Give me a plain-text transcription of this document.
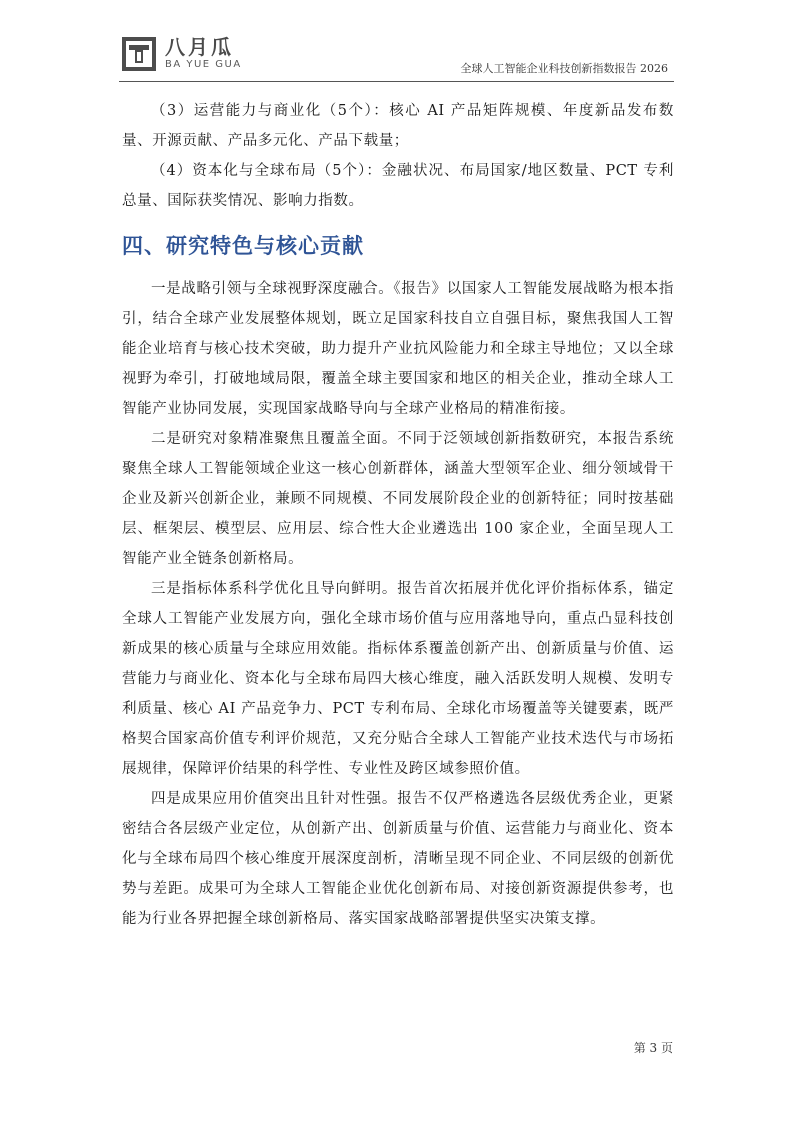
八月瓜
BA YUE GUA	全球人工智能企业科技创新指数报告 2026

（3）运营能力与商业化（5个）：核心 AI 产品矩阵规模、年度新品发布数量、开源贡献、产品多元化、产品下载量；

（4）资本化与全球布局（5个）：金融状况、布局国家/地区数量、PCT 专利总量、国际获奖情况、影响力指数。

四、研究特色与核心贡献

一是战略引领与全球视野深度融合。《报告》以国家人工智能发展战略为根本指引，结合全球产业发展整体规划，既立足国家科技自立自强目标，聚焦我国人工智能企业培育与核心技术突破，助力提升产业抗风险能力和全球主导地位；又以全球视野为牵引，打破地域局限，覆盖全球主要国家和地区的相关企业，推动全球人工智能产业协同发展，实现国家战略导向与全球产业格局的精准衔接。

二是研究对象精准聚焦且覆盖全面。不同于泛领域创新指数研究，本报告系统聚焦全球人工智能领域企业这一核心创新群体，涵盖大型领军企业、细分领域骨干企业及新兴创新企业，兼顾不同规模、不同发展阶段企业的创新特征；同时按基础层、框架层、模型层、应用层、综合性大企业遴选出 100 家企业，全面呈现人工智能产业全链条创新格局。

三是指标体系科学优化且导向鲜明。报告首次拓展并优化评价指标体系，锚定全球人工智能产业发展方向，强化全球市场价值与应用落地导向，重点凸显科技创新成果的核心质量与全球应用效能。指标体系覆盖创新产出、创新质量与价值、运营能力与商业化、资本化与全球布局四大核心维度，融入活跃发明人规模、发明专利质量、核心 AI 产品竞争力、PCT 专利布局、全球化市场覆盖等关键要素，既严格契合国家高价值专利评价规范，又充分贴合全球人工智能产业技术迭代与市场拓展规律，保障评价结果的科学性、专业性及跨区域参照价值。

四是成果应用价值突出且针对性强。报告不仅严格遴选各层级优秀企业，更紧密结合各层级产业定位，从创新产出、创新质量与价值、运营能力与商业化、资本化与全球布局四个核心维度开展深度剖析，清晰呈现不同企业、不同层级的创新优势与差距。成果可为全球人工智能企业优化创新布局、对接创新资源提供参考，也能为行业各界把握全球创新格局、落实国家战略部署提供坚实决策支撑。

第 3 页
